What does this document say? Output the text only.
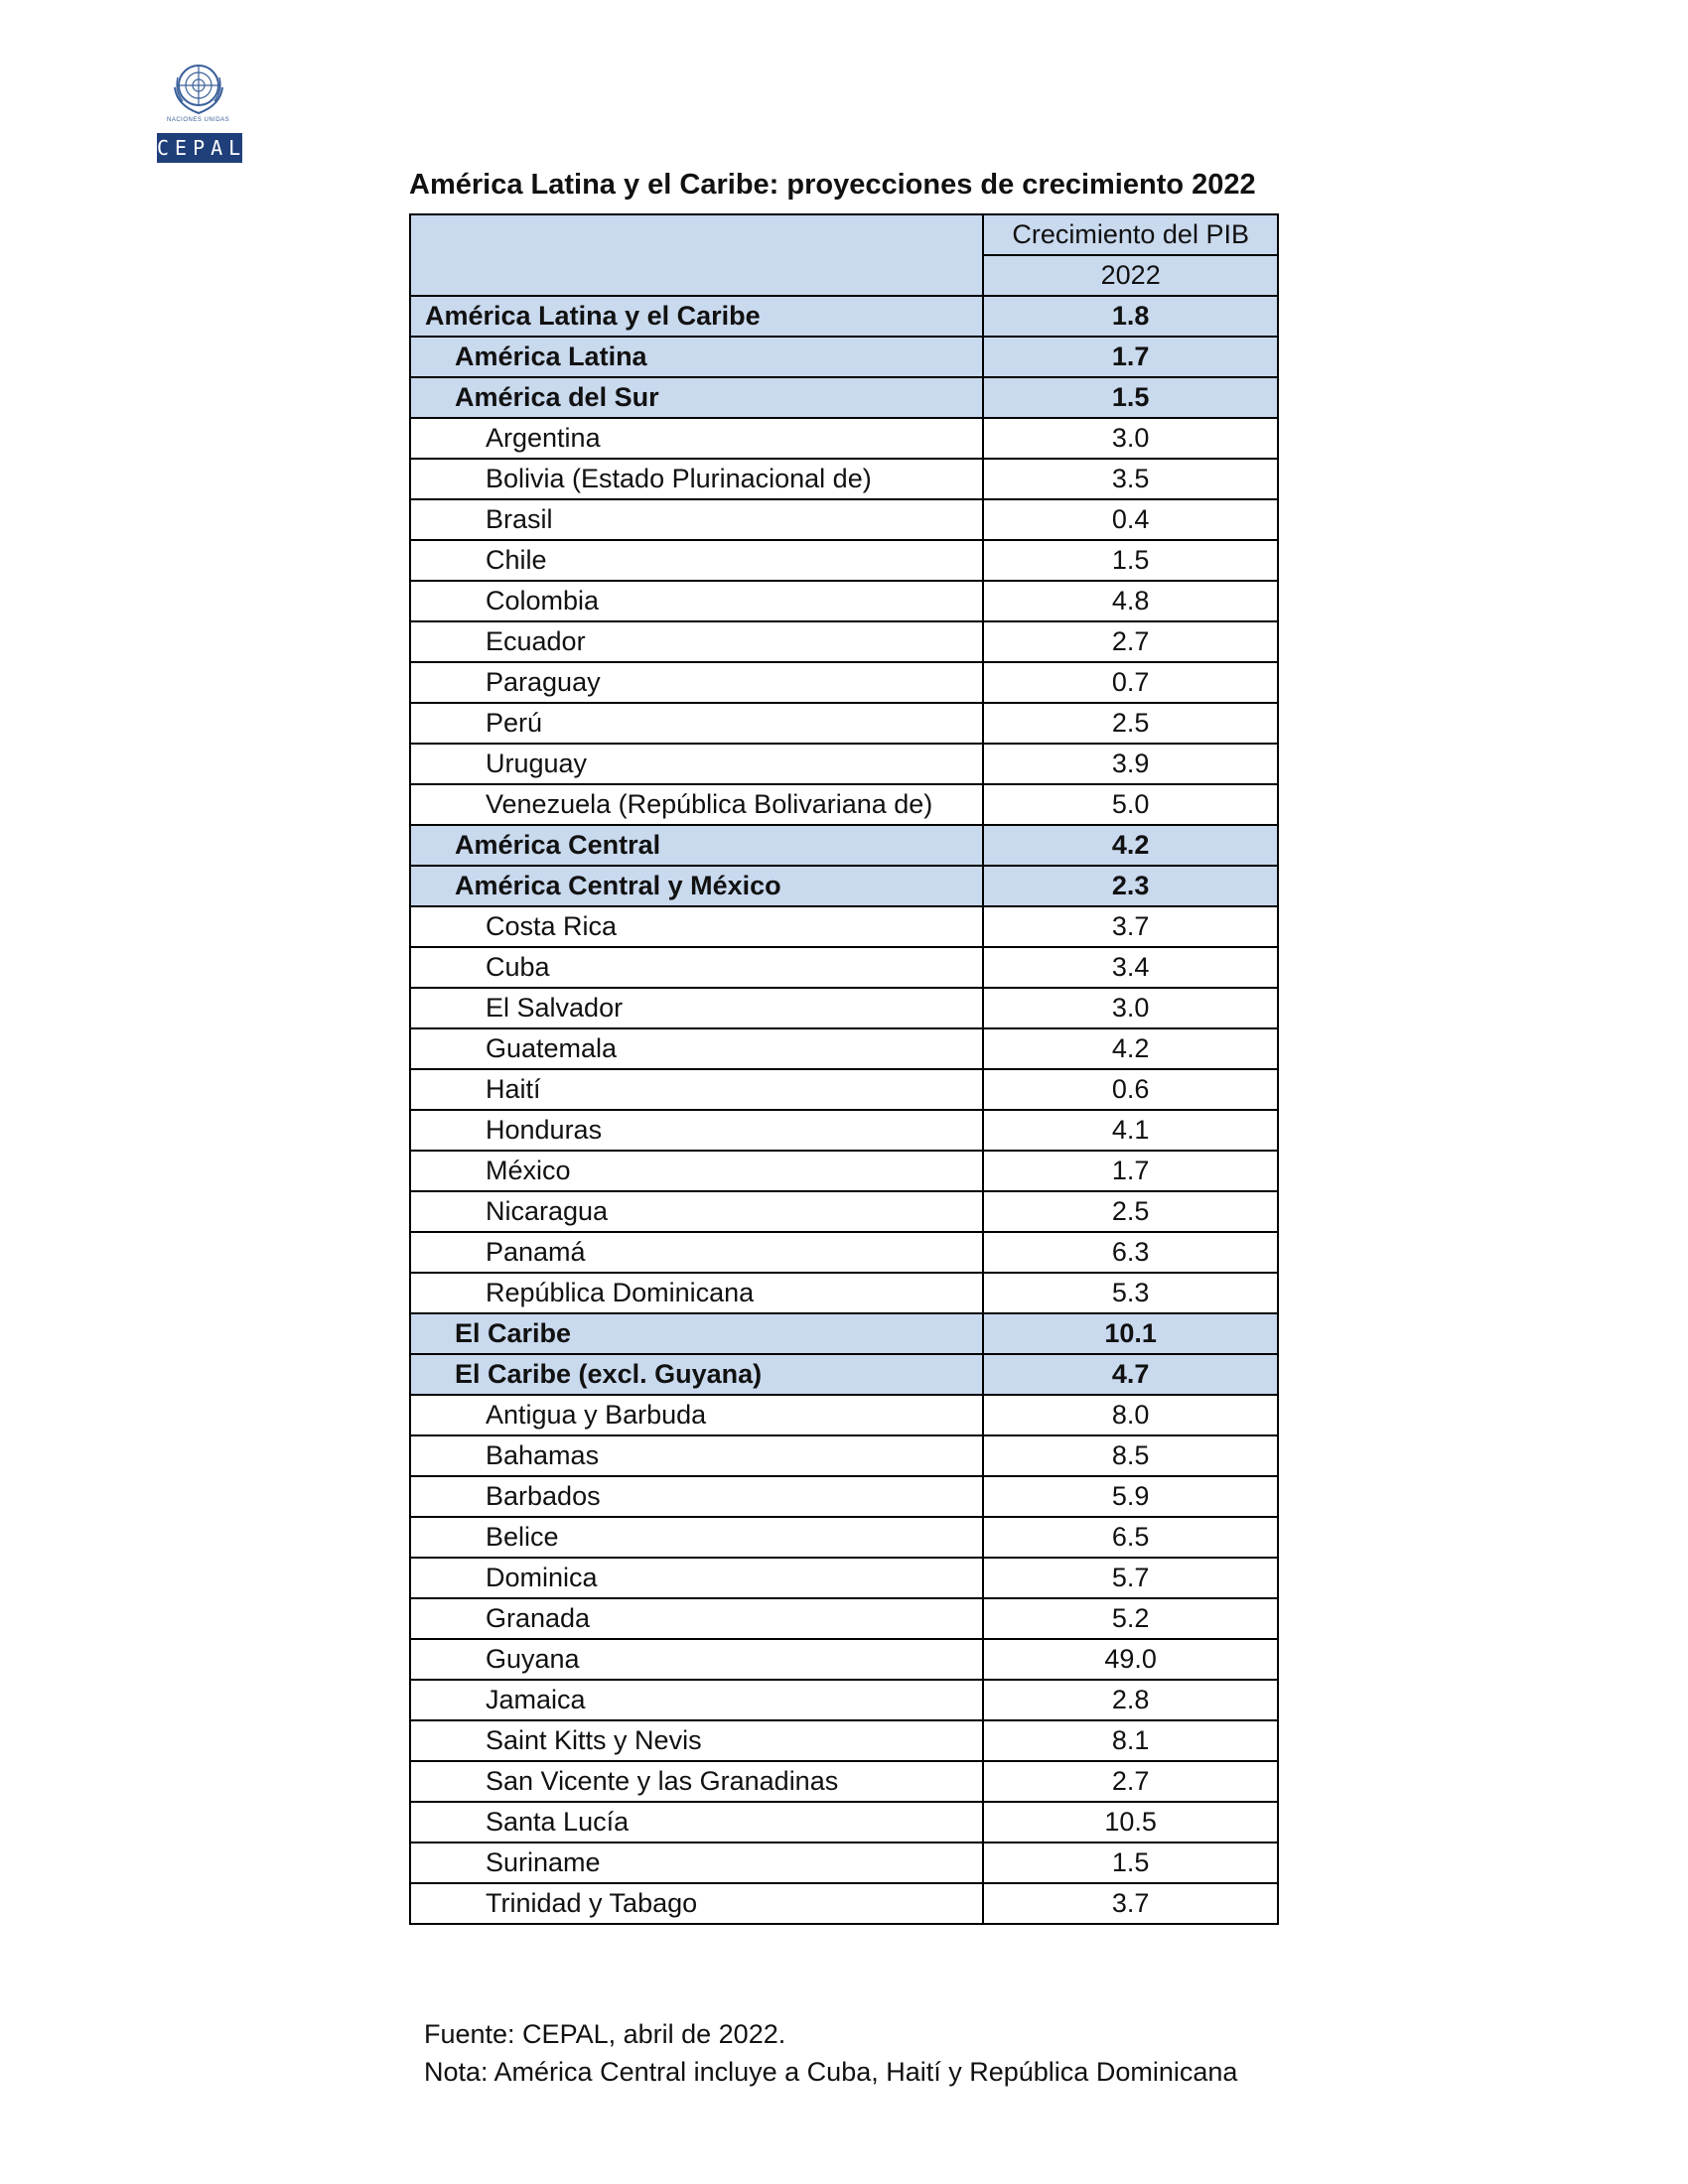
NACIONES UNIDAS
CEPAL
América Latina y el Caribe: proyecciones de crecimiento 2022
	Crecimiento del PIB
	2022
América Latina y el Caribe	1.8
América Latina	1.7
América del Sur	1.5
Argentina	3.0
Bolivia (Estado Plurinacional de)	3.5
Brasil	0.4
Chile	1.5
Colombia	4.8
Ecuador	2.7
Paraguay	0.7
Perú	2.5
Uruguay	3.9
Venezuela (República Bolivariana de)	5.0
América Central	4.2
América Central y México	2.3
Costa Rica	3.7
Cuba	3.4
El Salvador	3.0
Guatemala	4.2
Haití	0.6
Honduras	4.1
México	1.7
Nicaragua	2.5
Panamá	6.3
República Dominicana	5.3
El Caribe	10.1
El Caribe (excl. Guyana)	4.7
Antigua y Barbuda	8.0
Bahamas	8.5
Barbados	5.9
Belice	6.5
Dominica	5.7
Granada	5.2
Guyana	49.0
Jamaica	2.8
Saint Kitts y Nevis	8.1
San Vicente y las Granadinas	2.7
Santa Lucía	10.5
Suriname	1.5
Trinidad y Tabago	3.7
Fuente: CEPAL, abril de 2022.
Nota: América Central incluye a Cuba, Haití y República Dominicana
